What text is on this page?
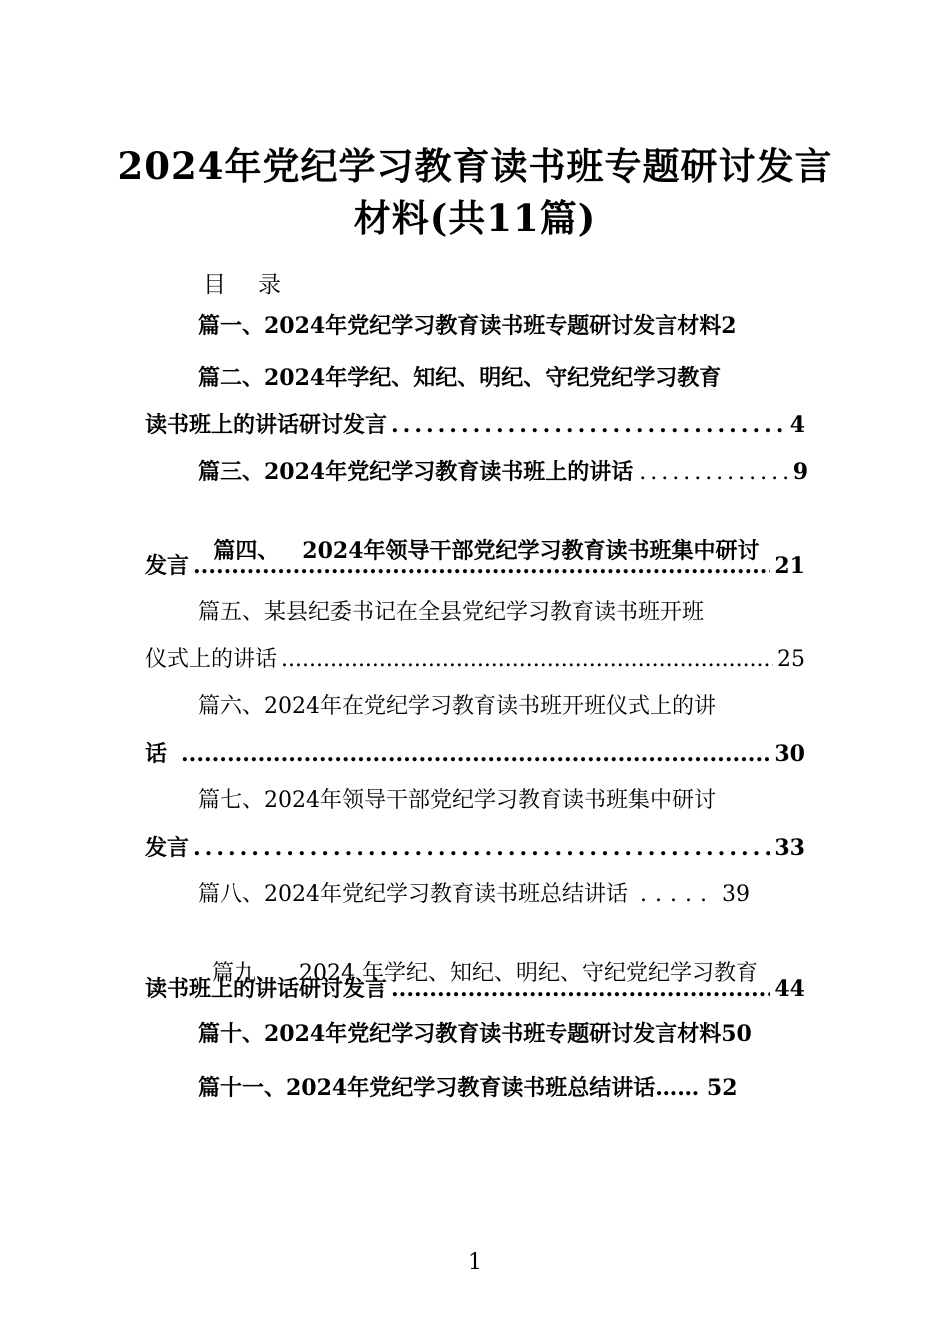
2024年党纪学习教育读书班专题研讨发言
材料(共11篇)
目 录
篇一、2024年党纪学习教育读书班专题研讨发言材料2
篇二、2024年学纪、知纪、明纪、守纪党纪学习教育
读书班上的讲话研讨发言 .....	4
篇三、2024年党纪学习教育读书班上的讲话 .....	9

篇四、   2024年领导干部党纪学习教育读书班集中研讨

发言 .....	21
篇五、某县纪委书记在全县党纪学习教育读书班开班
仪式上的讲话 .....	25
篇六、2024年在党纪学习教育读书班开班仪式上的讲
话 .....	30
篇七、2024年领导干部党纪学习教育读书班集中研讨
发言 .....	33
篇八、2024年党纪学习教育读书班总结讲话 .....	39

篇九、   2024 年学纪、知纪、明纪、守纪党纪学习教育

读书班上的讲话研讨发言 .....	44
篇十、2024年党纪学习教育读书班专题研讨发言材料50
篇十一、2024年党纪学习教育读书班总结讲话…… 52
1
